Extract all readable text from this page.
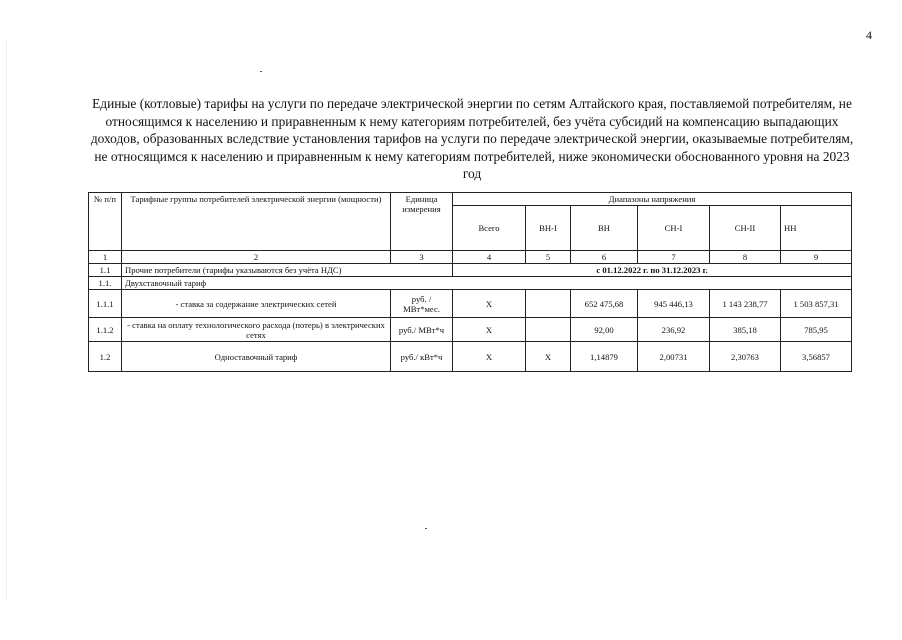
4
Единые (котловые) тарифы на услуги по передаче электрической энергии по сетям Алтайского края, поставляемой потребителям, не относящимся к населению и приравненным к нему категориям потребителей, без учёта субсидий на компенсацию выпадающих доходов, образованных вследствие установления тарифов на услуги по передаче электрической энергии, оказываемые потребителям, не относящимся к населению и приравненным к нему категориям потребителей, ниже экономически обоснованного уровня на 2023 год
№ п/п	Тарифные группы потребителей электрической энергии (мощности)	Единица измерения	Диапазоны напряжения					
			Всего	ВН-I	ВН	СН-I	СН-II	НН
1	2	3	4	5	6	7	8	9
1.1	Прочие потребители (тарифы указываются без учёта НДС)		с 01.12.2022 г. по 31.12.2023 г.					
1.1.	Двухставочный тариф							
1.1.1	- ставка за содержание электрических сетей	руб. /МВт*мес.	Х		652 475,68	945 446,13	1 143 238,77	1 503 857,31
1.1.2	- ставка на оплату технологического расхода (потерь) в электрических сетях	руб./ МВт*ч	Х		92,00	236,92	385,18	785,95
1.2	Одноставочный тариф	руб./ кВт*ч	Х	Х	1,14879	2,00731	2,30763	3,56857
